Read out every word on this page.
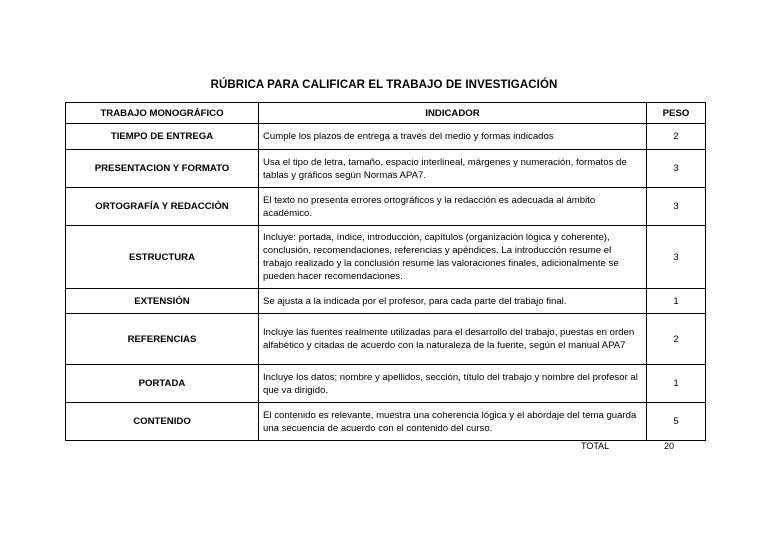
RÚBRICA PARA CALIFICAR EL TRABAJO DE INVESTIGACIÓN
TRABAJO MONOGRÁFICO	INDICADOR	PESO
TIEMPO DE ENTREGA	Cumple los plazos de entrega a través del medio y formas indicados	2
PRESENTACION Y FORMATO	Usa el tipo de letra, tamaño, espacio interlineal, márgenes y numeración, formatos de tablas y gráficos según Normas APA7.	3
ORTOGRAFÍA Y REDACCIÓN	El texto no presenta errores ortográficos y la redacción es adecuada al ámbito académico.	3
ESTRUCTURA	Incluye: portada, índice, introducción, capítulos (organización lógica y coherente), conclusión, recomendaciones, referencias y apéndices. La introducción resume el trabajo realizado y la conclusión resume las valoraciones finales, adicionalmente se pueden hacer recomendaciones.	3
EXTENSIÓN	Se ajusta a la indicada por el profesor, para cada parte del trabajo final.	1
REFERENCIAS	Incluye las fuentes realmente utilizadas para el desarrollo del trabajo, puestas en orden alfabético y citadas de acuerdo con la naturaleza de la fuente, según el manual APA7	2
PORTADA	Incluye los datos; nombre y apellidos, sección, título del trabajo y nombre del profesor al que va dirigido.	1
CONTENIDO	El contenido es relevante, muestra una coherencia lógica y el abordaje del tema guarda una secuencia de acuerdo con el contenido del curso.	5
TOTAL	20
